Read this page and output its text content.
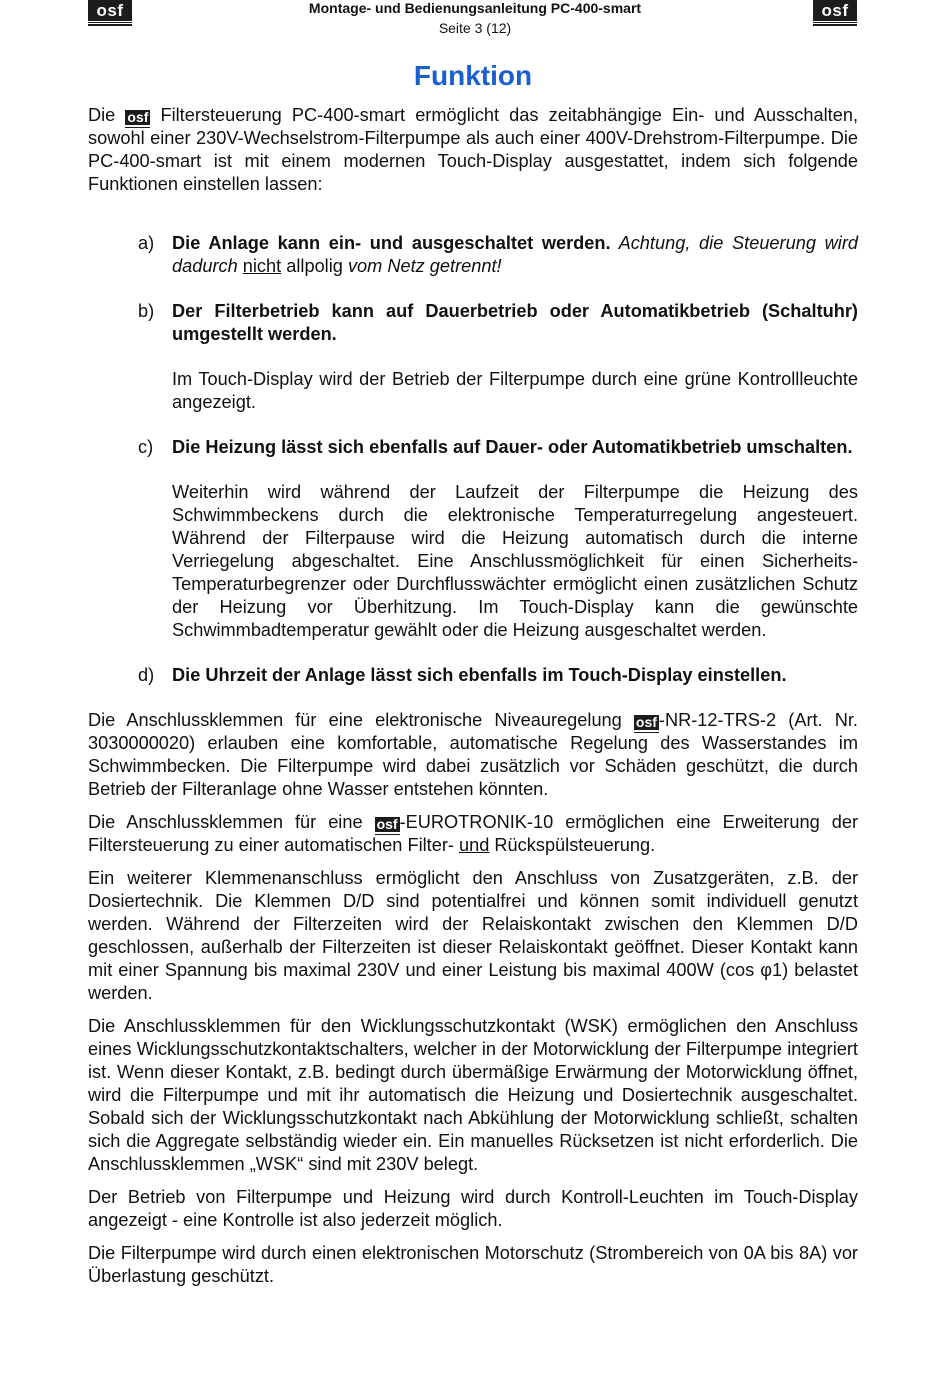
osf	Montage- und Bedienungsanleitung PC-400-smart
Seite 3 (12)
osf
Funktion

Die osf Filtersteuerung PC-400-smart ermöglicht das zeitabhängige Ein- und Ausschalten, sowohl einer 230V-Wechselstrom-Filterpumpe als auch einer 400V-Drehstrom-Filterpumpe. Die PC-400-smart ist mit einem modernen Touch-Display ausgestattet, indem sich folgende Funktionen einstellen lassen:

a) Die Anlage kann ein- und ausgeschaltet werden. Achtung, die Steuerung wird dadurch nicht allpolig vom Netz getrennt!

b) Der Filterbetrieb kann auf Dauerbetrieb oder Automatikbetrieb (Schaltuhr) umgestellt werden.

Im Touch-Display wird der Betrieb der Filterpumpe durch eine grüne Kontrollleuchte angezeigt.

c) Die Heizung lässt sich ebenfalls auf Dauer- oder Automatikbetrieb umschalten.

Weiterhin wird während der Laufzeit der Filterpumpe die Heizung des Schwimmbeckens durch die elektronische Temperaturregelung angesteuert. Während der Filterpause wird die Heizung automatisch durch die interne Verriegelung abgeschaltet. Eine Anschlussmöglichkeit für einen Sicherheits-Temperaturbegrenzer oder Durchflusswächter ermöglicht einen zusätzlichen Schutz der Heizung vor Überhitzung. Im Touch-Display kann die gewünschte Schwimmbadtemperatur gewählt oder die Heizung ausgeschaltet werden.

d) Die Uhrzeit der Anlage lässt sich ebenfalls im Touch-Display einstellen.

Die Anschlussklemmen für eine elektronische Niveauregelung osf -NR-12-TRS-2 (Art. Nr. 3030000020) erlauben eine komfortable, automatische Regelung des Wasserstandes im Schwimmbecken. Die Filterpumpe wird dabei zusätzlich vor Schäden geschützt, die durch Betrieb der Filteranlage ohne Wasser entstehen könnten.

Die Anschlussklemmen für eine osf -EUROTRONIK-10 ermöglichen eine Erweiterung der Filtersteuerung zu einer automatischen Filter- und Rückspülsteuerung.

Ein weiterer Klemmenanschluss ermöglicht den Anschluss von Zusatzgeräten, z.B. der Dosiertechnik. Die Klemmen D/D sind potentialfrei und können somit individuell genutzt werden. Während der Filterzeiten wird der Relaiskontakt zwischen den Klemmen D/D geschlossen, außerhalb der Filterzeiten ist dieser Relaiskontakt geöffnet. Dieser Kontakt kann mit einer Spannung bis maximal 230V und einer Leistung bis maximal 400W (cos φ1) belastet werden.

Die Anschlussklemmen für den Wicklungsschutzkontakt (WSK) ermöglichen den Anschluss eines Wicklungsschutzkontaktschalters, welcher in der Motorwicklung der Filterpumpe integriert ist. Wenn dieser Kontakt, z.B. bedingt durch übermäßige Erwärmung der Motorwicklung öffnet, wird die Filterpumpe und mit ihr automatisch die Heizung und Dosiertechnik ausgeschaltet. Sobald sich der Wicklungsschutzkontakt nach Abkühlung der Motorwicklung schließt, schalten sich die Aggregate selbständig wieder ein. Ein manuelles Rücksetzen ist nicht erforderlich. Die Anschlussklemmen „WSK“ sind mit 230V belegt.

Der Betrieb von Filterpumpe und Heizung wird durch Kontroll-Leuchten im Touch-Display angezeigt - eine Kontrolle ist also jederzeit möglich.

Die Filterpumpe wird durch einen elektronischen Motorschutz (Strombereich von 0A bis 8A) vor Überlastung geschützt.
